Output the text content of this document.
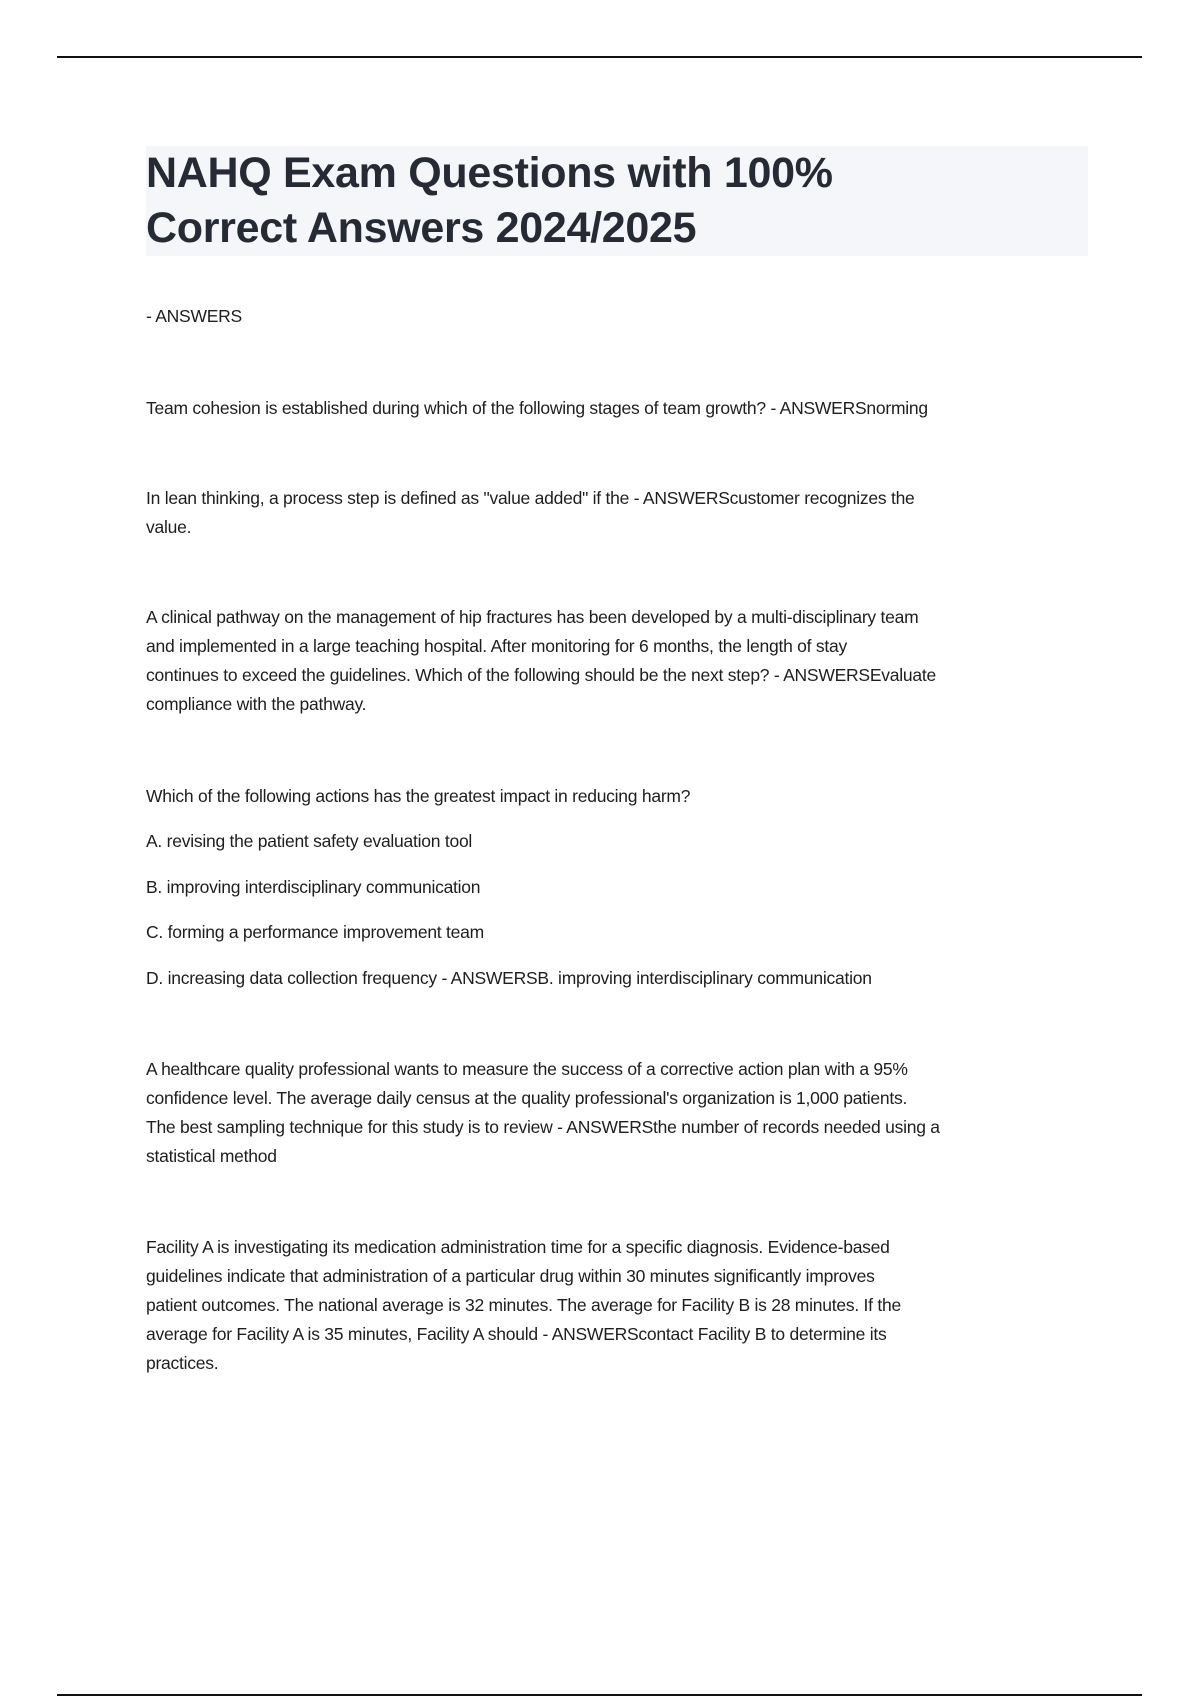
NAHQ Exam Questions with 100%
Correct Answers 2024/2025

- ANSWERS

Team cohesion is established during which of the following stages of team growth? - ANSWERSnorming

In lean thinking, a process step is defined as "value added" if the - ANSWERScustomer recognizes the
value.

A clinical pathway on the management of hip fractures has been developed by a multi-disciplinary team
and implemented in a large teaching hospital. After monitoring for 6 months, the length of stay
continues to exceed the guidelines. Which of the following should be the next step? - ANSWERSEvaluate
compliance with the pathway.

Which of the following actions has the greatest impact in reducing harm?

A. revising the patient safety evaluation tool

B. improving interdisciplinary communication

C. forming a performance improvement team

D. increasing data collection frequency - ANSWERSB. improving interdisciplinary communication

A healthcare quality professional wants to measure the success of a corrective action plan with a 95%
confidence level. The average daily census at the quality professional's organization is 1,000 patients.
The best sampling technique for this study is to review - ANSWERSthe number of records needed using a
statistical method

Facility A is investigating its medication administration time for a specific diagnosis. Evidence-based
guidelines indicate that administration of a particular drug within 30 minutes significantly improves
patient outcomes. The national average is 32 minutes. The average for Facility B is 28 minutes. If the
average for Facility A is 35 minutes, Facility A should - ANSWERScontact Facility B to determine its
practices.
